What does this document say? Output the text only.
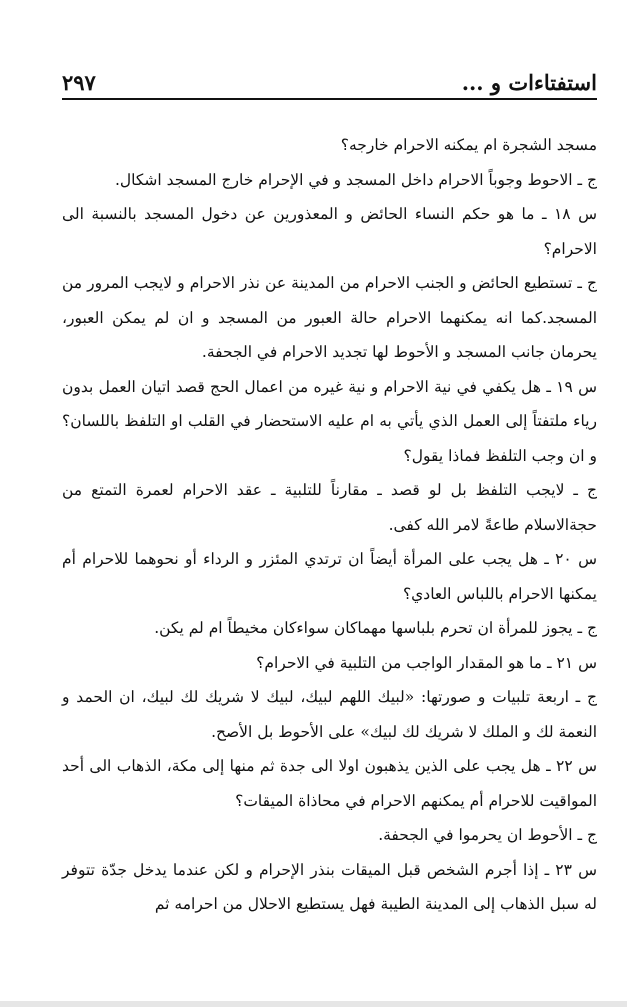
استفتاءات و ...
٢٩٧

مسجد الشجرة ام يمكنه الاحرام خارجه؟

ج ـ الاحوط وجوباً الاحرام داخل المسجد و في الإحرام خارج المسجد اشكال.

س ١٨ ـ ما هو حكم النساء الحائض و المعذورين عن دخول المسجد بالنسبة الى الاحرام؟

ج ـ تستطيع الحائض و الجنب الاحرام من المدينة عن نذر الاحرام و لايجب المرور من المسجد.كما انه يمكنهما الاحرام حالة العبور من المسجد و ان لم يمكن العبور، يحرمان جانب المسجد و الأحوط لها تجديد الاحرام في الجحفة.

س ١٩ ـ هل يكفي في نية الاحرام و نية غيره من اعمال الحج قصد اتيان العمل بدون رياء ملتفتاً إلى العمل الذي يأتي به ام عليه الاستحضار في القلب او التلفظ باللسان؟ و ان وجب التلفظ فماذا يقول؟

ج ـ لايجب التلفظ بل لو قصد ـ مقارناً للتلبية ـ عقد الاحرام لعمرة التمتع من حجةالاسلام طاعةً لامر الله كفى.

س ٢٠ ـ هل يجب على المرأة أيضاً ان ترتدي المئزر و الرداء أو نحوهما للاحرام أم يمكنها الاحرام باللباس العادي؟

ج ـ يجوز للمرأة ان تحرم بلباسها مهماكان سواءكان مخيطاً ام لم يكن.

س ٢١ ـ ما هو المقدار الواجب من التلبية في الاحرام؟

ج ـ اربعة تلبيات و صورتها: «لبيك اللهم لبيك، لبيك لا شريك لك لبيك، ان الحمد و النعمة لك و الملك لا شريك لك لبيك» على الأحوط بل الأصح.

س ٢٢ ـ هل يجب على الذين يذهبون اولا الى جدة ثم منها إلى مكة، الذهاب الى أحد المواقيت للاحرام أم يمكنهم الاحرام في محاذاة الميقات؟

ج ـ الأحوط ان يحرموا في الجحفة.

س ٢٣ ـ إذا أجرم الشخص قبل الميقات بنذر الإحرام و لكن عندما يدخل جدّة تتوفر له سبل الذهاب إلى المدينة الطيبة فهل يستطيع الاحلال من احرامه ثم
